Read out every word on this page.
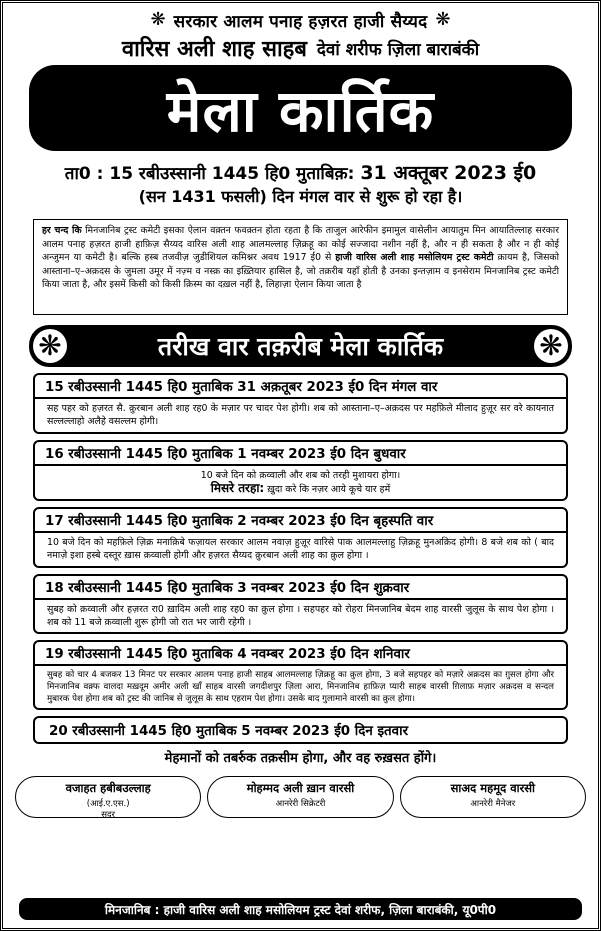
❋ सरकार आलम पनाह हज़रत हाजी सैय्यद ❋
वारिस अली शाह साहब देवां शरीफ ज़िला बाराबंकी
मेला कार्तिक
ता0 : 15 रबीउस्सानी 1445 हि0 मुताबिक़: 31 अक्तूबर 2023 ई0
(सन 1431 फसली) दिन मंगल वार से शुरू हो रहा है।
हर चन्द कि मिनजानिब ट्रस्ट कमेटी इसका ऐलान वक़्तन फवक़्तन होता रहता है कि ताजुल आरेफीन इमामुल वासेलीन आयातुम मिन आयातिल्लाह सरकार आलम पनाह हज़रत हाजी हाफ़िज़ सैय्यद वारिस अली शाह आलमल्लाह ज़िक्रहू का कोई सज्जादा नशीन नहीं है, और न ही सकता है और न ही कोई अन्जुमन या कमेटी है। बल्कि हस्ब तजवीज़ जुडीशियल कमिश्नर अवध 1917 ई0 से हाजी वारिस अली शाह मसोलियम ट्रस्ट कमेटी क़ायम है, जिसको आस्ताना–ए–अक़दस के जुमला उमूर में नज़्म व नस्क़ का इख़्तियार हासिल है, जो तक़रीब यहाँ होती है उनका इन्तज़ाम व इनसेराम मिनजानिब ट्रस्ट कमेटी किया जाता है, और इसमें किसी को किसी क़िस्म का दख़ल नहीं है, लिहाज़ा ऐलान किया जाता है
❋	तरीख वार तक़रीब मेला कार्तिक	❋
15 रबीउस्सानी 1445 हि0 मुताबिक 31 अक़तूबर 2023 ई0 दिन मंगल वार
सह पहर को हज़रत सै. क़ुरबान अली शाह रह0 के मज़ार पर चादर पेश होगी। शब को आस्ताना–ए–अक़दस पर महफ़िले मीलाद हुज़ूर सर वरे कायनात सल्लल्लाहो अलैहे वसल्लम होगी।
16 रबीउस्सानी 1445 हि0 मुताबिक 1 नवम्बर 2023 ई0 दिन बुधवार
10 बजे दिन को क़व्वाली और शब को तरही मुशायरा होगा।
मिसरे तरहा: ख़ुदा करे कि नज़र आये कूचे यार हमें
17 रबीउस्सानी 1445 हि0 मुताबिक 2 नवम्बर 2023 ई0 दिन बृहस्पति वार
10 बजे दिन को महफ़िले ज़िक्र मनाक़िबे फज़ायल सरकार आलम नवाज़ हुज़ूर वारिसे पाक आलमल्लाहु ज़िक्रहू मुनअक़िद होगी। 8 बजे शब को ( बाद नमाज़े इशा हस्बे दस्तूर ख़ास क़व्वाली होगी और हज़रत सैय्यद क़ुरबान अली शाह का क़ुल होगा ।
18 रबीउस्सानी 1445 हि0 मुताबिक 3 नवम्बर 2023 ई0 दिन शुक्रवार
सुबह को क़व्वाली और हज़रत रा0 ख़ादिम अली शाह रह0 का क़ुल होगा । सहपहर को रोहरा मिनजानिब बेदम शाह वारसी जुलूस के साथ पेश होगा । शब को 11 बजे क़व्वाली शुरू होगी जो रात भर जारी रहेगी ।
19 रबीउस्सानी 1445 हि0 मुताबिक 4 नवम्बर 2023 ई0 दिन शनिवार
सुबह को चार 4 बजकर 13 मिनट पर सरकार आलम पनाह हाजी साहब आलमल्लाह ज़िक्रहू का क़ुल होगा, 3 बजे सहपहर को मज़ारे अक़दस का ग़ुसल होगा और मिनजानिब वक़्फ वालदा मख़दूम अमीर अली खाँ साहब वारसी जगदीशपुर ज़िला आरा, मिनजानिब हाफ़िज़ प्यारी साहब वारसी ग़िलाफ़ मज़ार अक़दस व सन्दल मुबारक पेश होगा शब को ट्रस्ट की जानिब से जुलूस के साथ एहराम पेश होगा। उसके बाद गुलामाने वारसी का क़ुल होगा।
20 रबीउस्सानी 1445 हि0 मुताबिक 5 नवम्बर 2023 ई0 दिन इतवार
मेहमानों को तबर्रुक तक़सीम होगा, और वह रुख़सत होंगे।
वजाहत हबीबउल्लाह
(आई.ए.एस.)
सदर
मोहम्मद अली ख़ान वारसी
आनरेरी सिक्रेटरी
साअद महमूद वारसी
आनरेरी मैनेजर
मिनजानिब : हाजी वारिस अली शाह मसोलियम ट्रस्ट देवां शरीफ, ज़िला बाराबंकी, यू0पी0
